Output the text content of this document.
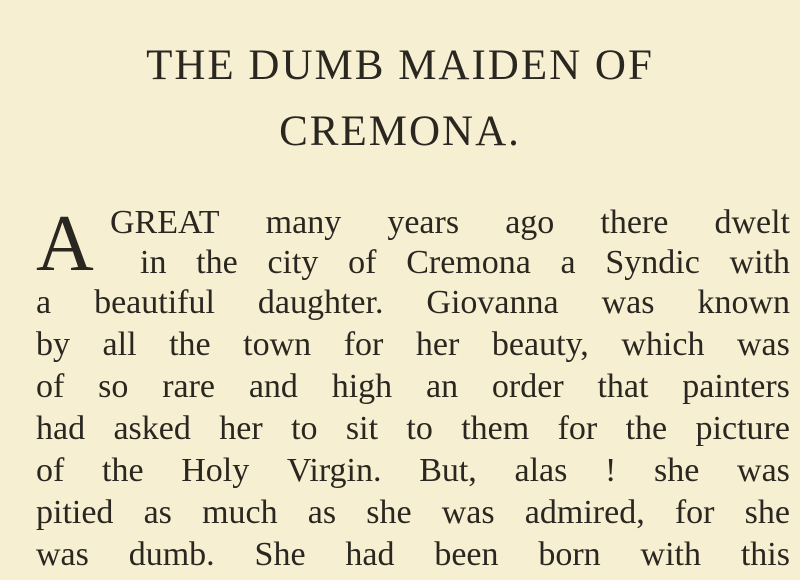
THE DUMB MAIDEN OF
CREMONA.
A GREAT many years ago there dwelt
in the city of Cremona a Syndic with
a beautiful daughter. Giovanna was known
by all the town for her beauty, which was
of so rare and high an order that painters
had asked her to sit to them for the picture
of the Holy Virgin. But, alas ! she was
pitied as much as she was admired, for she
was dumb. She had been born with this
